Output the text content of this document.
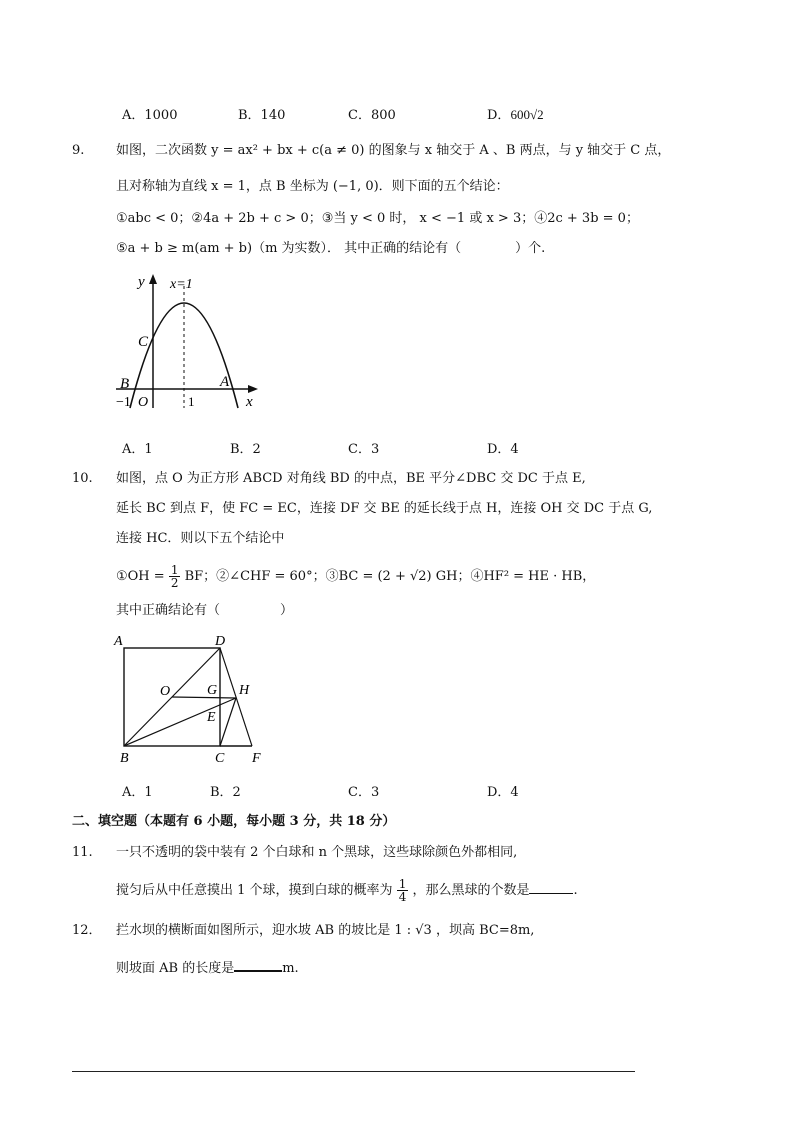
A．1000	B．140	C．800	D．600√2
9. 如图，二次函数 y = ax² + bx + c(a ≠ 0) 的图象与 x 轴交于 A 、B 两点，与 y 轴交于 C 点，
且对称轴为直线 x = 1，点 B 坐标为 (−1, 0)．则下面的五个结论：
①abc < 0；②4a + 2b + c > 0；③当 y < 0 时， x < −1 或 x > 3；④2c + 3b = 0；
⑤a + b ≥ m(am + b)（m 为实数）． 其中正确的结论有（	）个.
y x=1
C
B	A
−1 O	1	x
A．1	B．2	C．3	D．4
10. 如图，点 O 为正方形 ABCD 对角线 BD 的中点，BE 平分∠DBC 交 DC 于点 E,
延长 BC 到点 F，使 FC = EC，连接 DF 交 BE 的延长线于点 H，连接 OH 交 DC 于点 G,
连接 HC．则以下五个结论中
①OH = $\frac{1}{2}$ BF；②∠CHF = 60°；③BC = (2 + √2) GH；④HF² = HE · HB，
其中正确结论有（	）
A	D
O	G H
E
B	C F
A．1	B．2	C．3	D．4
二、填空题（本题有 6 小题，每小题 3 分，共 18 分）
11. 一只不透明的袋中装有 2 个白球和 n 个黑球，这些球除颜色外都相同,
搅匀后从中任意摸出 1 个球，摸到白球的概率为 $\frac{1}{4}$ ，那么黑球的个数是	.
12． 拦水坝的横断面如图所示，迎水坡 AB 的坡比是 1 : √3 ，坝高 BC=8m,
则坡面 AB 的长度是	m.
